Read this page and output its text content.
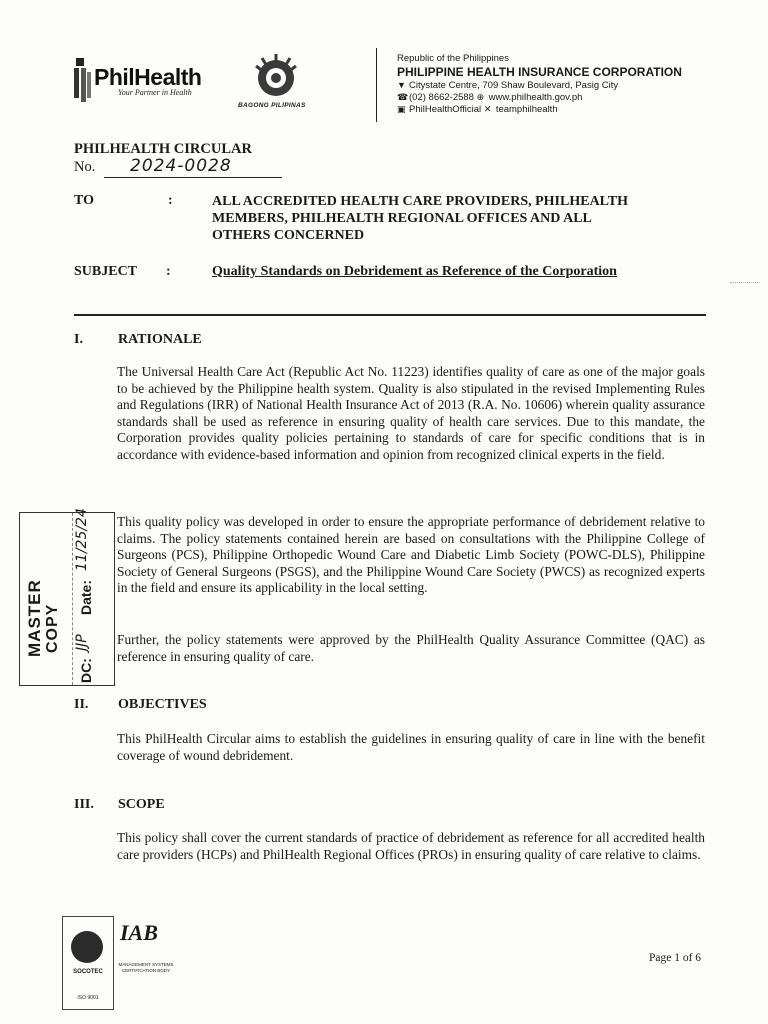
PhilHealth
Your Partner in Health
BAGONG PILIPINAS
Republic of the Philippines
PHILIPPINE HEALTH INSURANCE CORPORATION
▼ Citystate Centre, 709 Shaw Boulevard, Pasig City
☎(02) 8662-2588 ⊕ www.philhealth.gov.ph
▣ PhilHealthOfficial ✕ teamphilhealth
PHILHEALTH CIRCULAR
No. 2024-0028
TO	:	ALL ACCREDITED HEALTH CARE PROVIDERS, PHILHEALTH MEMBERS, PHILHEALTH REGIONAL OFFICES AND ALL OTHERS CONCERNED
SUBJECT :	Quality Standards on Debridement as Reference of the Corporation
I.	RATIONALE
The Universal Health Care Act (Republic Act No. 11223) identifies quality of care as one of the major goals to be achieved by the Philippine health system. Quality is also stipulated in the revised Implementing Rules and Regulations (IRR) of National Health Insurance Act of 2013 (R.A. No. 10606) wherein quality assurance standards shall be used as reference in ensuring quality of health care services. Due to this mandate, the Corporation provides quality policies pertaining to standards of care for specific conditions that is in accordance with evidence-based information and opinion from recognized clinical experts in the field.
This quality policy was developed in order to ensure the appropriate performance of debridement relative to claims. The policy statements contained herein are based on consultations with the Philippine College of Surgeons (PCS), Philippine Orthopedic Wound Care and Diabetic Limb Society (POWC-DLS), Philippine Society of General Surgeons (PSGS), and the Philippine Wound Care Society (PWCS) as recognized experts in the field and ensure its applicability in the local setting.
Further, the policy statements were approved by the PhilHealth Quality Assurance Committee (QAC) as reference in ensuring quality of care.
II. OBJECTIVES
This PhilHealth Circular aims to establish the guidelines in ensuring quality of care in line with the benefit coverage of wound debridement.
III. SCOPE
This policy shall cover the current standards of practice of debridement as reference for all accredited health care providers (HCPs) and PhilHealth Regional Offices (PROs) in ensuring quality of care relative to claims.
MASTER COPY
DC:
JJP
Date:
11/25/24
SOCOTEC
ISO 9001
IAB
MANAGEMENT SYSTEMS CERTIFICATION BODY
Page 1 of 6
